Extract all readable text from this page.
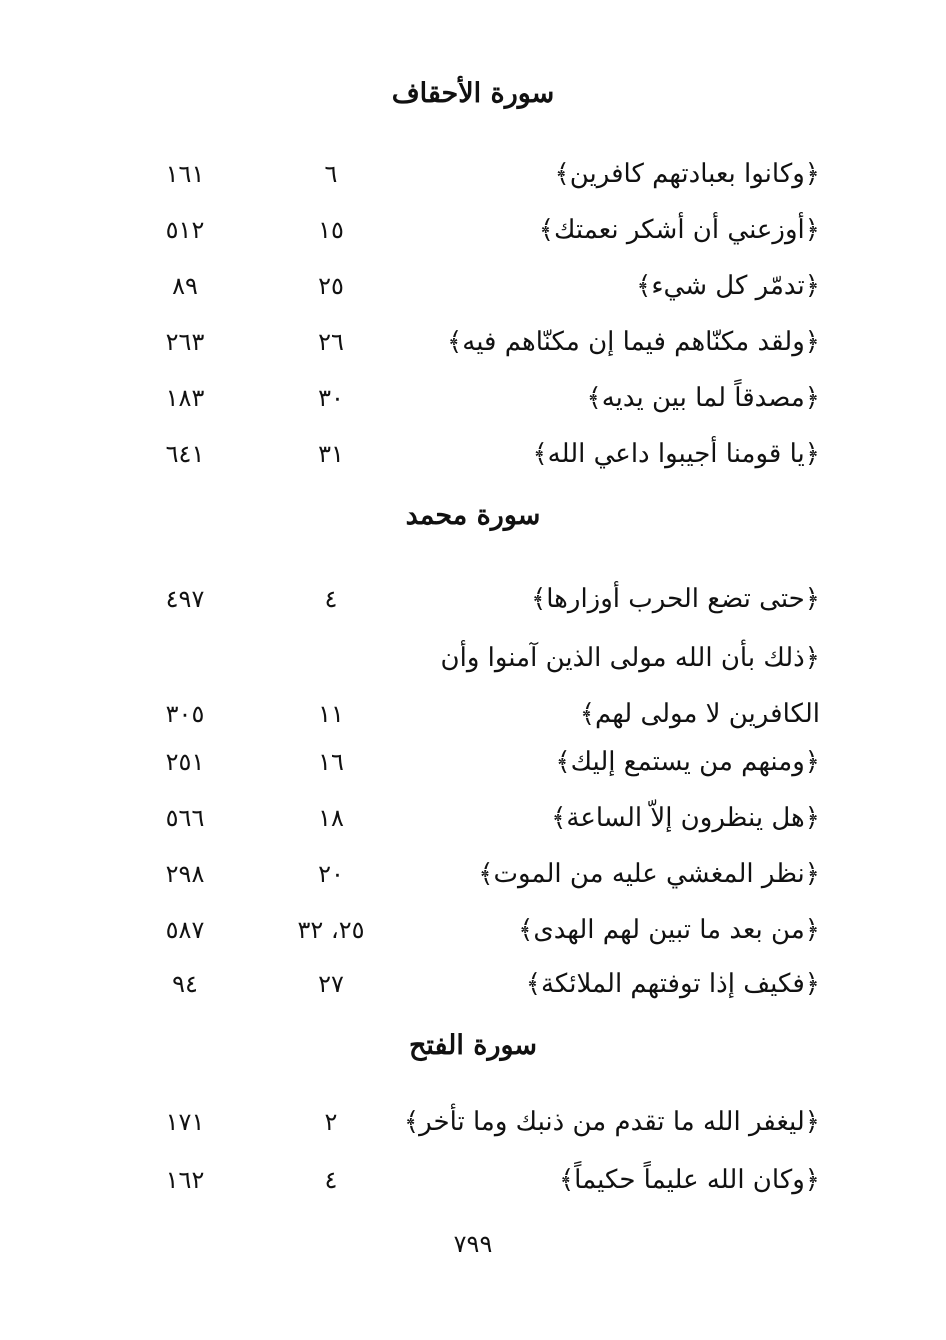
سورة الأحقاف
﴿وكانوا بعبادتهم كافرين﴾
٦
١٦١
﴿أوزعني أن أشكر نعمتك﴾
١٥
٥١٢
﴿تدمّر كل شيء﴾
٢٥
٨٩
﴿ولقد مكنّاهم فيما إن مكنّاهم فيه﴾
٢٦
٢٦٣
﴿مصدقاً لما بين يديه﴾
٣٠
١٨٣
﴿يا قومنا أجيبوا داعي الله﴾
٣١
٦٤١
سورة محمد
﴿حتى تضع الحرب أوزارها﴾
٤
٤٩٧
﴿ذلك بأن الله مولى الذين آمنوا وأن الكافرين لا مولى لهم﴾
١١
٣٠٥
﴿ومنهم من يستمع إليك﴾
١٦
٢٥١
﴿هل ينظرون إلاّ الساعة﴾
١٨
٥٦٦
﴿نظر المغشي عليه من الموت﴾
٢٠
٢٩٨
﴿من بعد ما تبين لهم الهدى﴾
٢٥، ٣٢
٥٨٧
﴿فكيف إذا توفتهم الملائكة﴾
٢٧
٩٤
سورة الفتح
﴿ليغفر الله ما تقدم من ذنبك وما تأخر﴾
٢
١٧١
﴿وكان الله عليماً حكيماً﴾
٤
١٦٢
٧٩٩
